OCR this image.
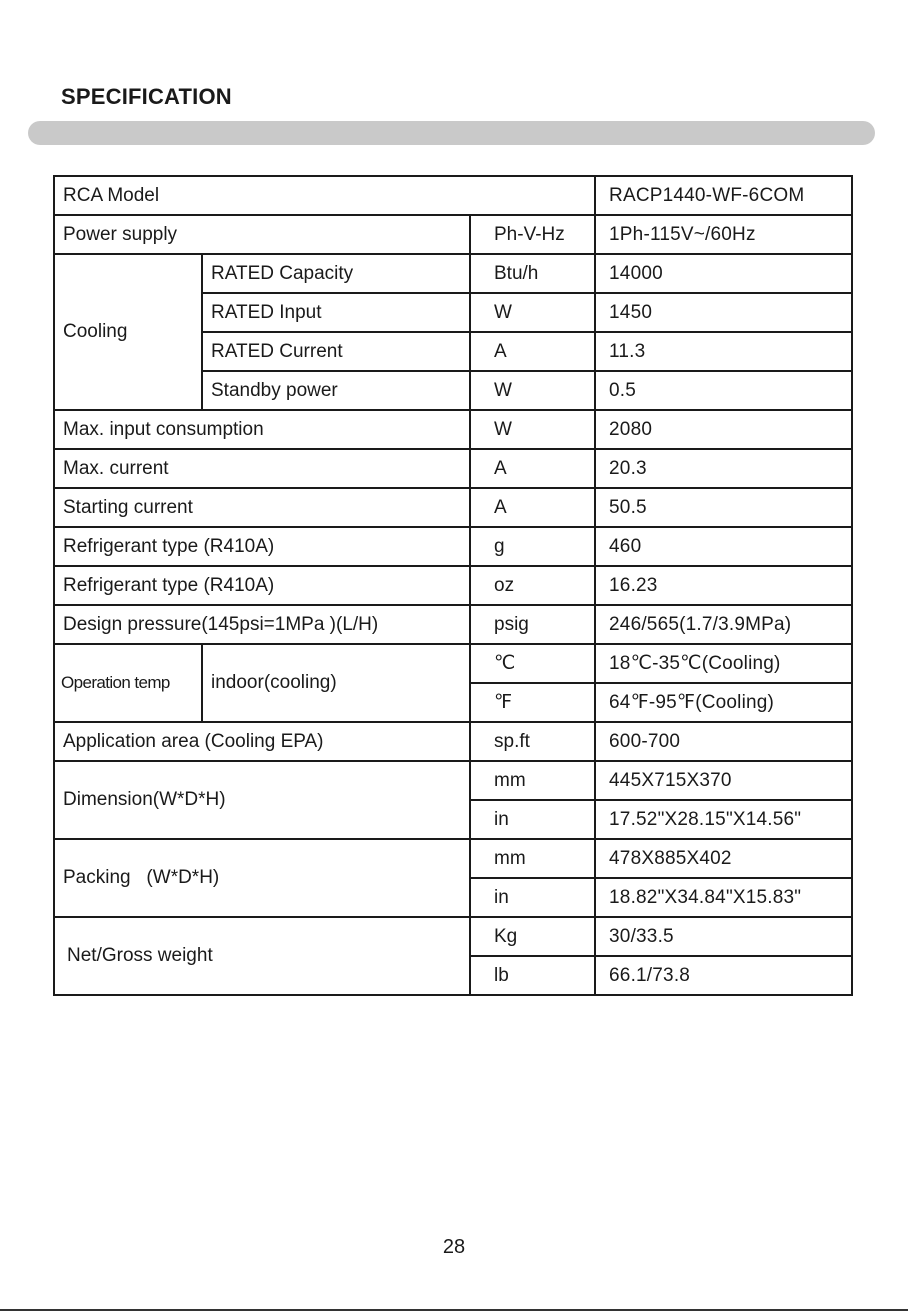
SPECIFICATION
RCA Model			RACP1440-WF-6COM
Power supply		Ph-V-Hz	1Ph-115V~/60Hz
Cooling	RATED Capacity	Btu/h	14000
	RATED Input	W	1450
	RATED Current	A	11.3
	Standby power	W	0.5
Max. input consumption		W	2080
Max. current		A	20.3
Starting current		A	50.5
Refrigerant type (R410A)		g	460
Refrigerant type (R410A)		oz	16.23
Design pressure(145psi=1MPa )(L/H)		psig	246/565(1.7/3.9MPa)
Operation temp	indoor(cooling)	℃	18℃-35℃(Cooling)
		℉	64℉-95℉(Cooling)
Application area (Cooling EPA)		sp.ft	600-700
Dimension(W*D*H)		mm	445X715X370
		in	17.52"X28.15"X14.56"
Packing   (W*D*H)		mm	478X885X402
		in	18.82"X34.84"X15.83"
Net/Gross weight		Kg	30/33.5
		lb	66.1/73.8
28
